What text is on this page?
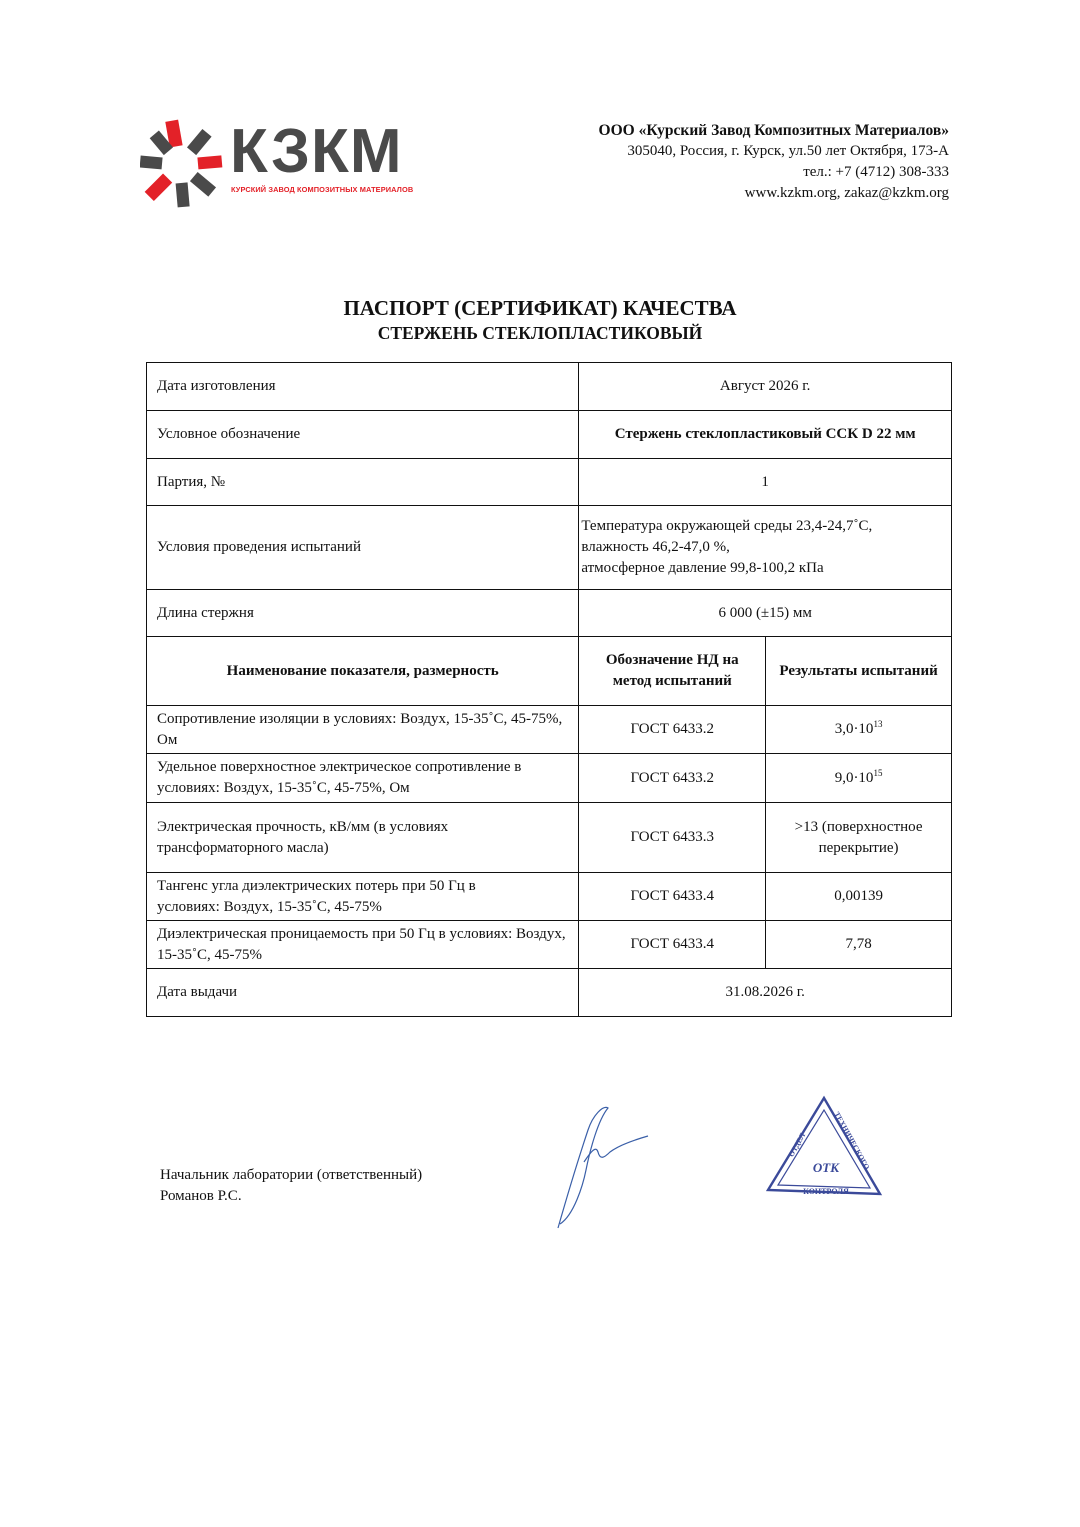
КЗКМ
КУРСКИЙ ЗАВОД КОМПОЗИТНЫХ МАТЕРИАЛОВ
ООО «Курский Завод Композитных Материалов»
305040, Россия, г. Курск, ул.50 лет Октября, 173-А
тел.: +7 (4712) 308-333
www.kzkm.org, zakaz@kzkm.org
ПАСПОРТ (СЕРТИФИКАТ) КАЧЕСТВА
СТЕРЖЕНЬ СТЕКЛОПЛАСТИКОВЫЙ
Дата изготовления	Август 2026 г.	
Условное обозначение	Стержень стеклопластиковый ССК D 22 мм	
Партия, №	1	
Условия проведения испытаний	Температура окружающей среды 23,4-24,7˚С,
влажность 46,2-47,0 %,
атмосферное давление 99,8-100,2 кПа	

Длина стержня	6 000 (±15) мм	
Наименование показателя, размерность	Обозначение НД на метод испытаний	Результаты испытаний
Сопротивление изоляции в условиях: Воздух, 15-35˚С, 45-75%, Ом	ГОСТ 6433.2	$3,0\cdot 10^{13}$
Удельное поверхностное электрическое сопротивление в условиях: Воздух, 15-35˚С, 45-75%, Ом	ГОСТ 6433.2	$9,0\cdot 10^{15}$
Электрическая прочность, кВ/мм (в условиях трансформаторного масла)	ГОСТ 6433.3	>13 (поверхностное перекрытие)
Тангенс угла диэлектрических потерь при 50 Гц в условиях: Воздух, 15-35˚С, 45-75%	ГОСТ 6433.4	0,00139
Диэлектрическая проницаемость при 50 Гц в условиях: Воздух, 15-35˚С, 45-75%	ГОСТ 6433.4	7,78
Дата выдачи	31.08.2026 г.	
Начальник лаборатории (ответственный)
Романов Р.С.
ОТДЕЛ
ТЕХНИЧЕСКОГО
ОТК
КОНТРОЛЯ
